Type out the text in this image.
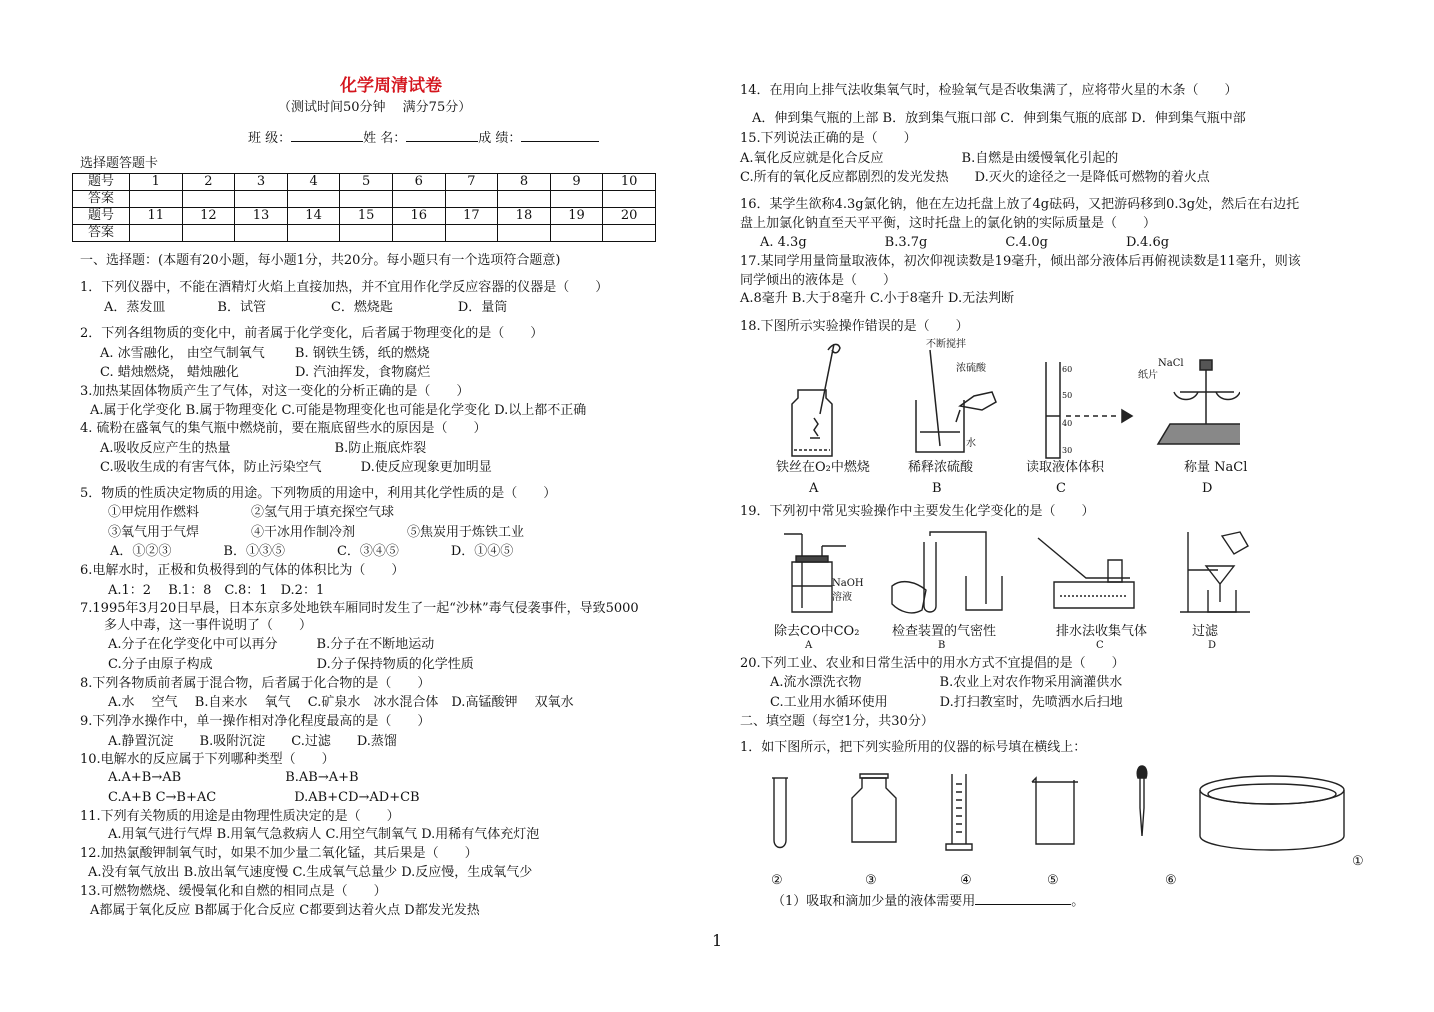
化学周清试卷
（测试时间50分钟　 满分75分）
班 级：	姓 名：	成 绩：
选择题答题卡
题号	1	2	3	4	5	6	7	8	9	10
答案										
题号	11	12	13	14	15	16	17	18	19	20
答案										
一、选择题：(本题有20小题，每小题1分，共20分。每小题只有一个选项符合题意)
1．下列仪器中，不能在酒精灯火焰上直接加热，并不宜用作化学反应容器的仪器是（　　）
A．蒸发皿　　　　B．试管　　　　　C．燃烧匙　　　　　D．量筒
2．下列各组物质的变化中，前者属于化学变化，后者属于物理变化的是（　　）
A. 冰雪融化， 由空气制氧气　　 B. 钢铁生锈，纸的燃烧
C. 蜡烛燃烧， 蜡烛融化　　　　 D. 汽油挥发，食物腐烂
3.加热某固体物质产生了气体，对这一变化的分析正确的是（　　）
A.属于化学变化 B.属于物理变化 C.可能是物理变化也可能是化学变化 D.以上都不正确
4. 硫粉在盛氧气的集气瓶中燃烧前，要在瓶底留些水的原因是（　　）
A.吸收反应产生的热量　　　　　　　　B.防止瓶底炸裂
C.吸收生成的有害气体，防止污染空气　　　D.使反应现象更加明显
5．物质的性质决定物质的用途。下列物质的用途中，利用其化学性质的是（　　）
①甲烷用作燃料　　　　②氢气用于填充探空气球
③氧气用于气焊　　　　④干冰用作制冷剂　　　　⑤焦炭用于炼铁工业
A．①②③　　　　B．①③⑤　　　　C．③④⑤　　　　D．①④⑤
6.电解水时，正极和负极得到的气体的体积比为（　　）
A.1：2　 B.1：8　C.8：1　D.2：1
7.1995年3月20日早晨，日本东京多处地铁车厢同时发生了一起“沙林”毒气侵袭事件，导致5000
多人中毒，这一事件说明了（　　）
A.分子在化学变化中可以再分　　　B.分子在不断地运动
C.分子由原子构成　　　　　　　　D.分子保持物质的化学性质
8.下列各物质前者属于混合物，后者属于化合物的是（　　）
A.水　 空气　 B.自来水　 氧气　 C.矿泉水　冰水混合体　D.高锰酸钾　 双氧水
9.下列净水操作中，单一操作相对净化程度最高的是（　　）
A.静置沉淀　　B.吸附沉淀　　C.过滤　　D.蒸馏
10.电解水的反应属于下列哪种类型（　　）
A.A+B→AB　　　　　　　　B.AB→A+B
C.A+B C→B+AC　　　　　　D.AB+CD→AD+CB
11.下列有关物质的用途是由物理性质决定的是（　　）
A.用氧气进行气焊 B.用氧气急救病人 C.用空气制氧气 D.用稀有气体充灯泡
12.加热氯酸钾制氧气时，如果不加少量二氧化锰，其后果是（　　）
A.没有氧气放出 B.放出氧气速度慢 C.生成氧气总量少 D.反应慢，生成氧气少
13.可燃物燃烧、缓慢氧化和自燃的相同点是（　　）
A都属于氧化反应 B都属于化合反应 C都要到达着火点 D都发光发热
14．在用向上排气法收集氧气时，检验氧气是否收集满了，应将带火星的木条（　　）
A．伸到集气瓶的上部 B．放到集气瓶口部 C．伸到集气瓶的底部 D．伸到集气瓶中部
15.下列说法正确的是（　　）
A.氧化反应就是化合反应　　　　　　B.自燃是由缓慢氧化引起的
C.所有的氧化反应都剧烈的发光发热　　D.灭火的途径之一是降低可燃物的着火点
16．某学生欲称4.3g氯化钠，他在左边托盘上放了4g砝码，又把游码移到0.3g处，然后在右边托
盘上加氯化钠直至天平平衡，这时托盘上的氯化钠的实际质量是（　　）
A. 4.3g　　　　　　B.3.7g　　　　　　C.4.0g　　　　　　D.4.6g
17.某同学用量筒量取液体，初次仰视读数是19毫升，倾出部分液体后再俯视读数是11毫升，则该
同学倾出的液体是（　　）
A.8毫升 B.大于8毫升 C.小于8毫升 D.无法判断
18.下图所示实验操作错误的是（　　）
不断搅拌
浓硫酸
水
60
50
40
30
纸片
NaCl
铁丝在O₂中燃烧	稀释浓硫酸	读取液体体积	称量 NaCl
A	B	C	D
19．下列初中常见实验操作中主要发生化学变化的是（　　）
NaOH
溶液
除去CO中CO₂	检查装置的气密性	排水法收集气体	过滤
A	B	C	D
20.下列工业、农业和日常生活中的用水方式不宜提倡的是（　　）
A.流水漂洗衣物　　　　　　B.农业上对农作物采用滴灌供水
C.工业用水循环使用　　　　D.打扫教室时，先喷洒水后扫地
二、填空题（每空1分，共30分）
1．如下图所示，把下列实验所用的仪器的标号填在横线上：
②	③	④	⑤	⑥
①
（1）吸取和滴加少量的液体需要用	。
1
